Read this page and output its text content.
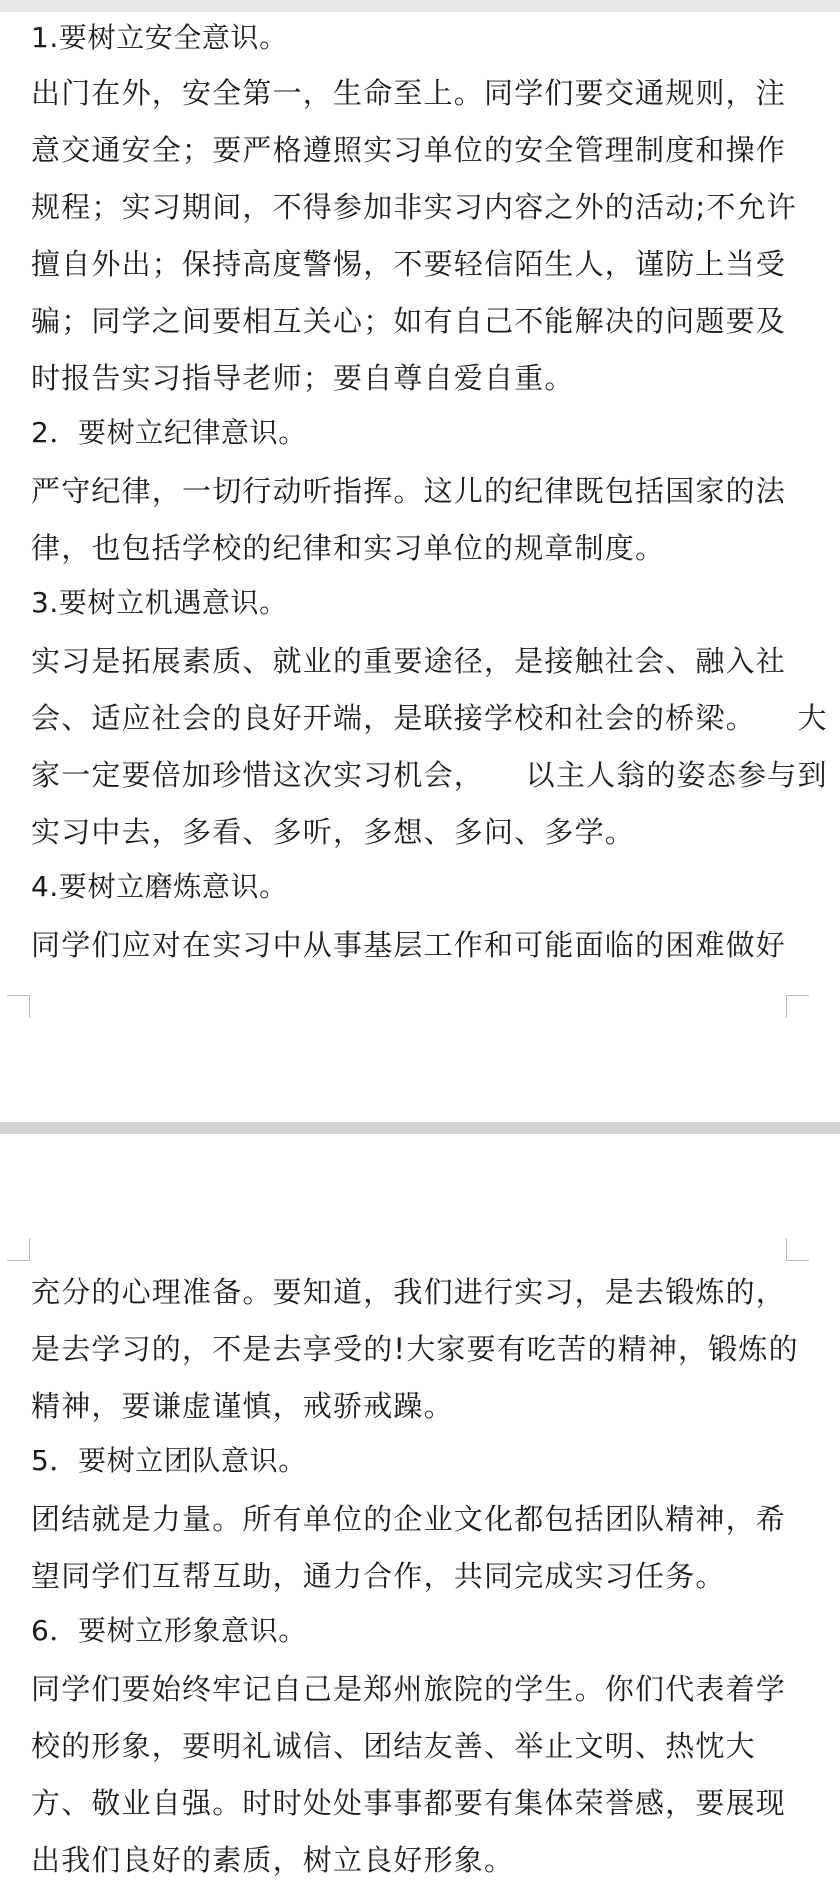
1.要树立安全意识。
出门在外，安全第一，生命至上。同学们要交通规则，注
意交通安全；要严格遵照实习单位的安全管理制度和操作
规程；实习期间，不得参加非实习内容之外的活动;不允许
擅自外出；保持高度警惕，不要轻信陌生人，谨防上当受
骗；同学之间要相互关心；如有自己不能解决的问题要及
时报告实习指导老师；要自尊自爱自重。
2．要树立纪律意识。
严守纪律，一切行动听指挥。这儿的纪律既包括国家的法
律，也包括学校的纪律和实习单位的规章制度。
3.要树立机遇意识。
实习是拓展素质、就业的重要途径，是接触社会、融入社
会、适应社会的良好开端，是联接学校和社会的桥梁。    大
家一定要倍加珍惜这次实习机会，    以主人翁的姿态参与到
实习中去，多看、多听，多想、多问、多学。
4.要树立磨炼意识。
同学们应对在实习中从事基层工作和可能面临的困难做好
充分的心理准备。要知道，我们进行实习，是去锻炼的，
是去学习的，不是去享受的!大家要有吃苦的精神，锻炼的
精神，要谦虚谨慎，戒骄戒躁。
5．要树立团队意识。
团结就是力量。所有单位的企业文化都包括团队精神，希
望同学们互帮互助，通力合作，共同完成实习任务。
6．要树立形象意识。
同学们要始终牢记自己是郑州旅院的学生。你们代表着学
校的形象，要明礼诚信、团结友善、举止文明、热忱大
方、敬业自强。时时处处事事都要有集体荣誉感，要展现
出我们良好的素质，树立良好形象。
